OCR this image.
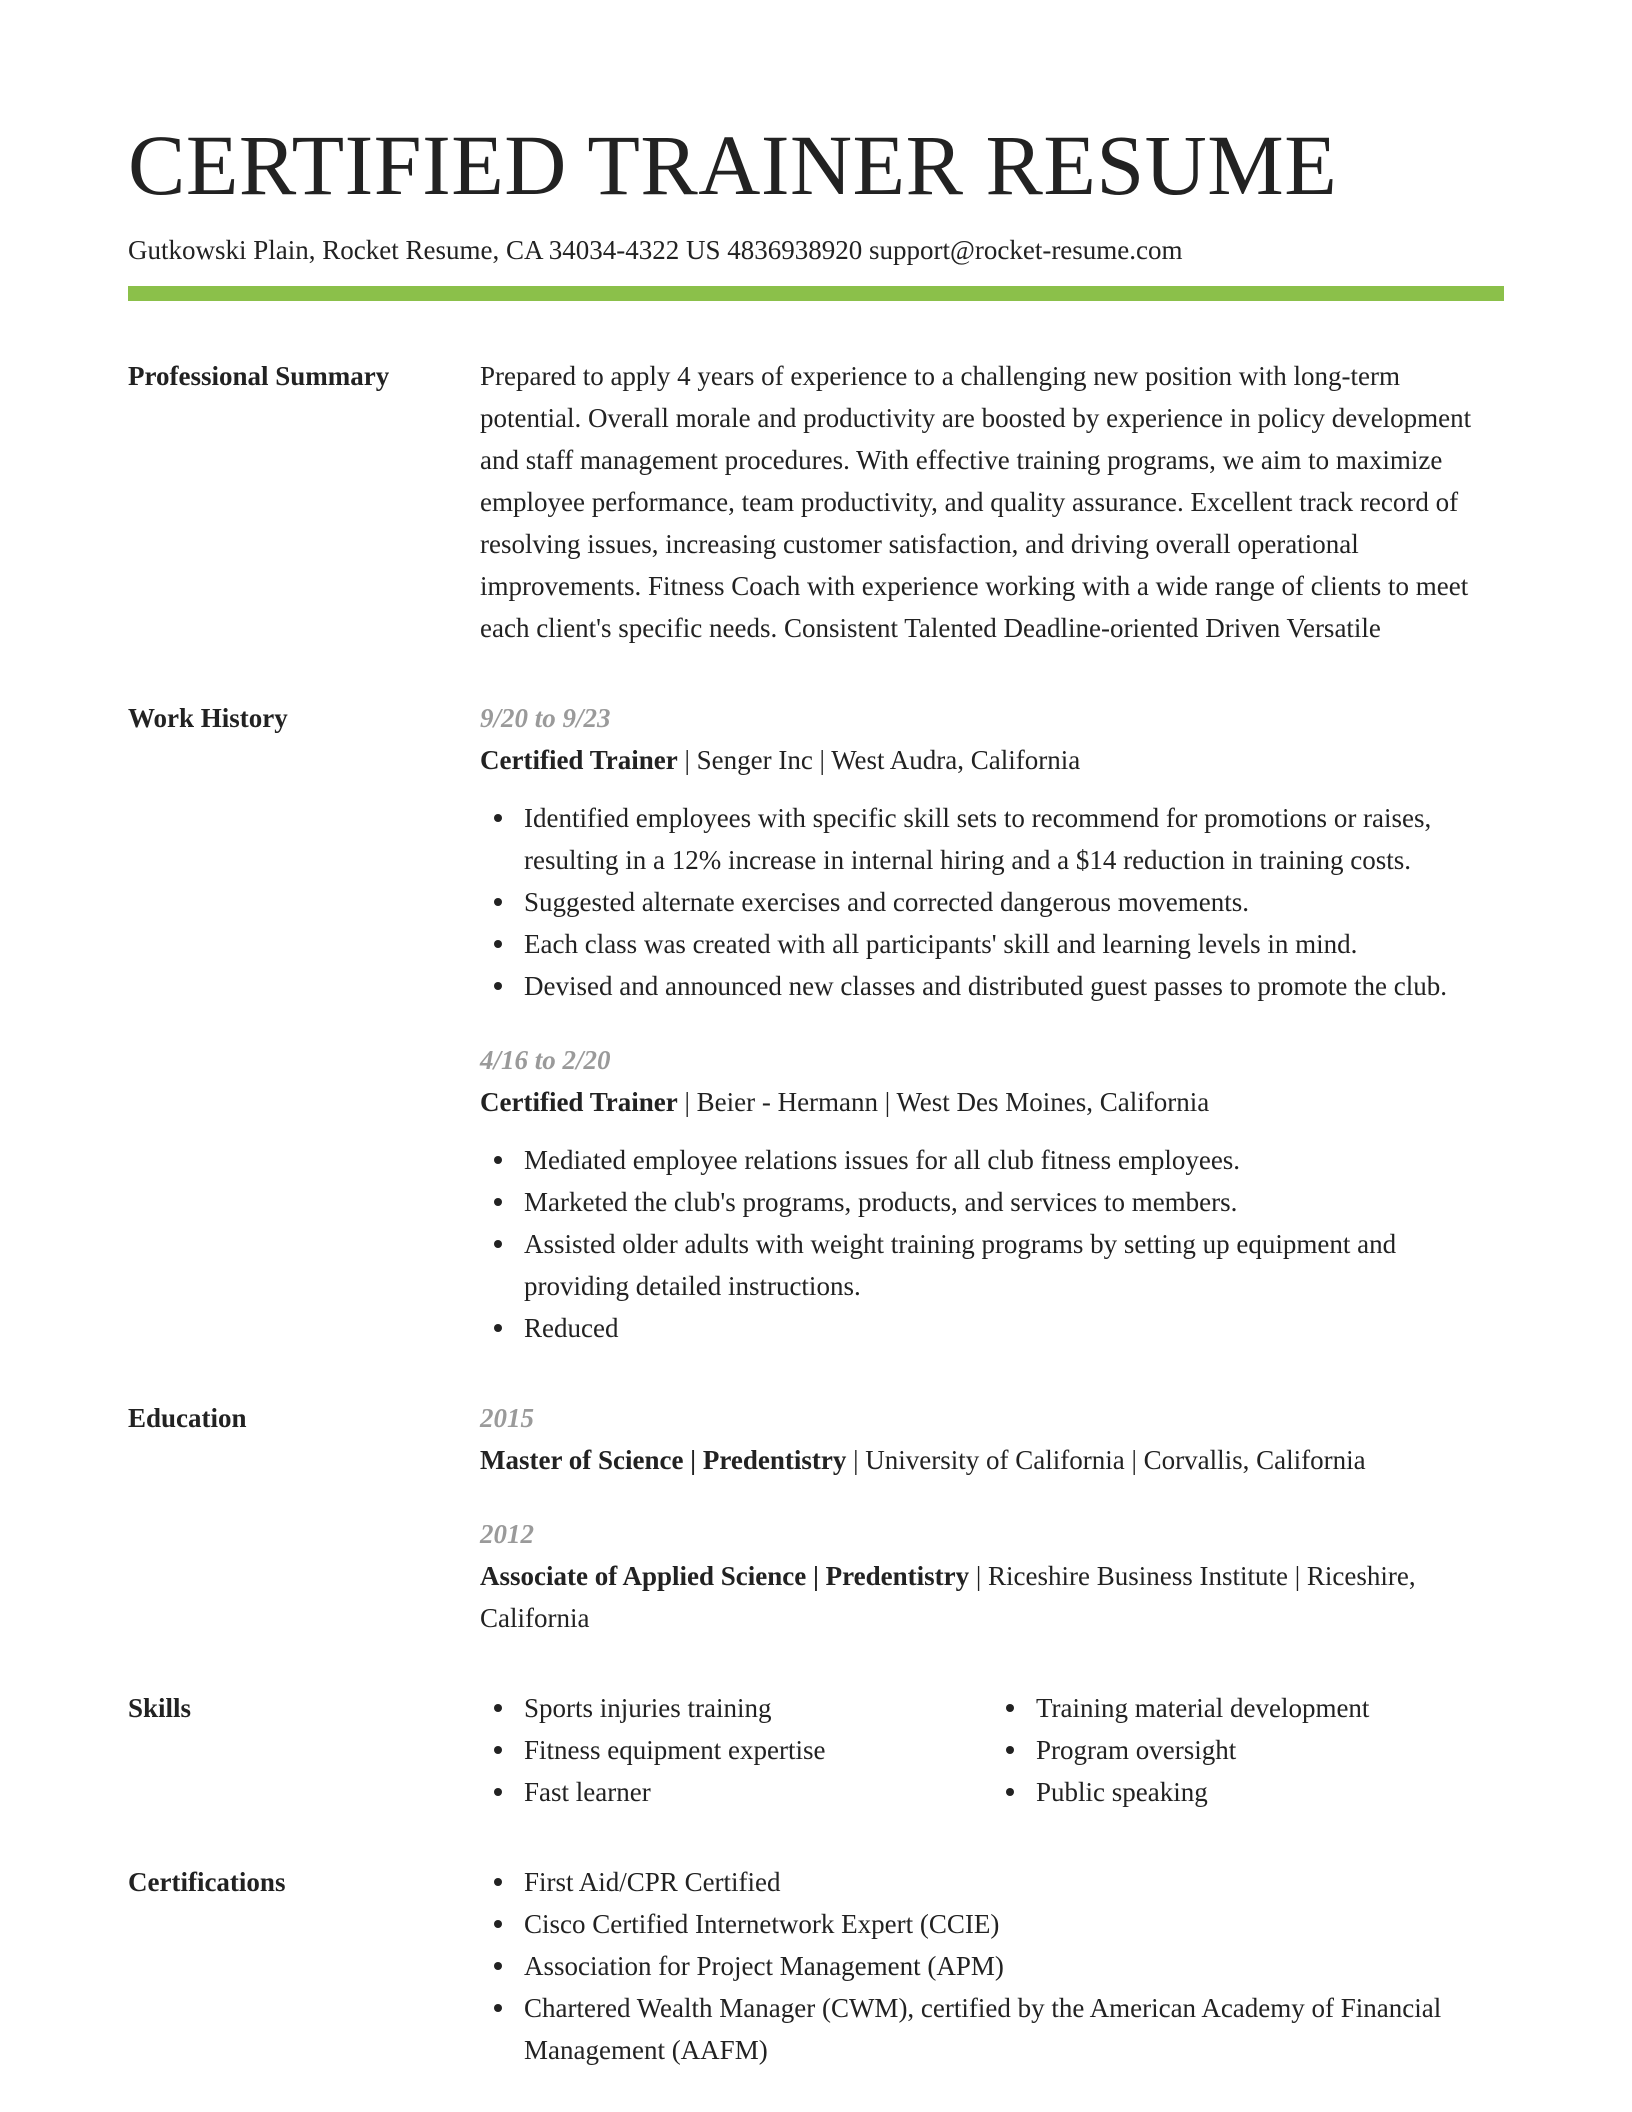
CERTIFIED TRAINER RESUME
Gutkowski Plain, Rocket Resume, CA 34034-4322 US 4836938920 support@rocket-resume.com
Professional Summary	Prepared to apply 4 years of experience to a challenging new position with long-term potential. Overall morale and productivity are boosted by experience in policy development and staff management procedures. With effective training programs, we aim to maximize employee performance, team productivity, and quality assurance. Excellent track record of resolving issues, increasing customer satisfaction, and driving overall operational improvements. Fitness Coach with experience working with a wide range of clients to meet each client's specific needs. Consistent Talented Deadline-oriented Driven Versatile

Work History	9/20 to 9/23

Certified Trainer | Senger Inc | West Audra, California

Identified employees with specific skill sets to recommend for promotions or raises, resulting in a 12% increase in internal hiring and a $14 reduction in training costs.
Suggested alternate exercises and corrected dangerous movements.
Each class was created with all participants' skill and learning levels in mind.
Devised and announced new classes and distributed guest passes to promote the club.
4/16 to 2/20

Certified Trainer | Beier - Hermann | West Des Moines, California

Mediated employee relations issues for all club fitness employees.
Marketed the club's programs, products, and services to members.
Assisted older adults with weight training programs by setting up equipment and providing detailed instructions.
Reduced
Education	2015

Master of Science | Predentistry | University of California | Corvallis, California

2012

Associate of Applied Science | Predentistry | Riceshire Business Institute | Riceshire, California

Skills	Sports injuries training
Fitness equipment expertise
Fast learner
Training material development
Program oversight
Public speaking
Certifications	First Aid/CPR Certified
Cisco Certified Internetwork Expert (CCIE)
Association for Project Management (APM)
Chartered Wealth Manager (CWM), certified by the American Academy of Financial Management (AAFM)
